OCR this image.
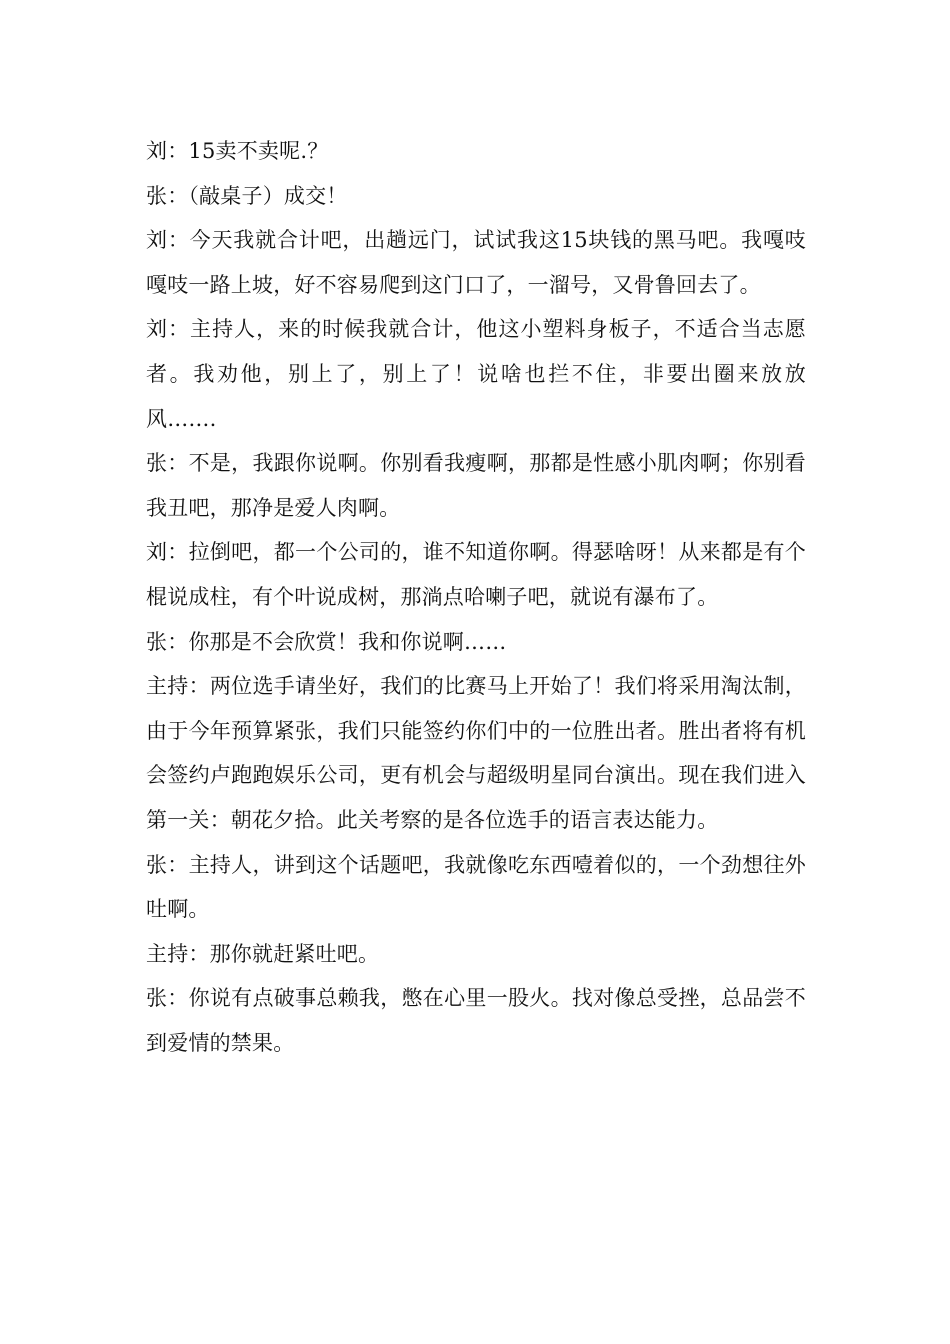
刘：15卖不卖呢.？

张：（敲桌子）成交！

刘：今天我就合计吧，出趟远门，试试我这15块钱的黑马吧。我嘎吱嘎吱一路上坡，好不容易爬到这门口了，一溜号，又骨鲁回去了。

刘：主持人，来的时候我就合计，他这小塑料身板子，不适合当志愿者。我劝他，别上了，别上了！说啥也拦不住，非要出圈来放放风…….

张：不是，我跟你说啊。你别看我瘦啊，那都是性感小肌肉啊；你别看我丑吧，那净是爱人肉啊。

刘：拉倒吧，都一个公司的，谁不知道你啊。得瑟啥呀！从来都是有个棍说成柱，有个叶说成树，那淌点哈喇子吧，就说有瀑布了。

张：你那是不会欣赏！我和你说啊……

主持：两位选手请坐好，我们的比赛马上开始了！我们将采用淘汰制，由于今年预算紧张，我们只能签约你们中的一位胜出者。胜出者将有机会签约卢跑跑娱乐公司，更有机会与超级明星同台演出。现在我们进入第一关：朝花夕拾。此关考察的是各位选手的语言表达能力。

张：主持人，讲到这个话题吧，我就像吃东西噎着似的，一个劲想往外吐啊。

主持：那你就赶紧吐吧。

张：你说有点破事总赖我，憋在心里一股火。找对像总受挫，总品尝不到爱情的禁果。
